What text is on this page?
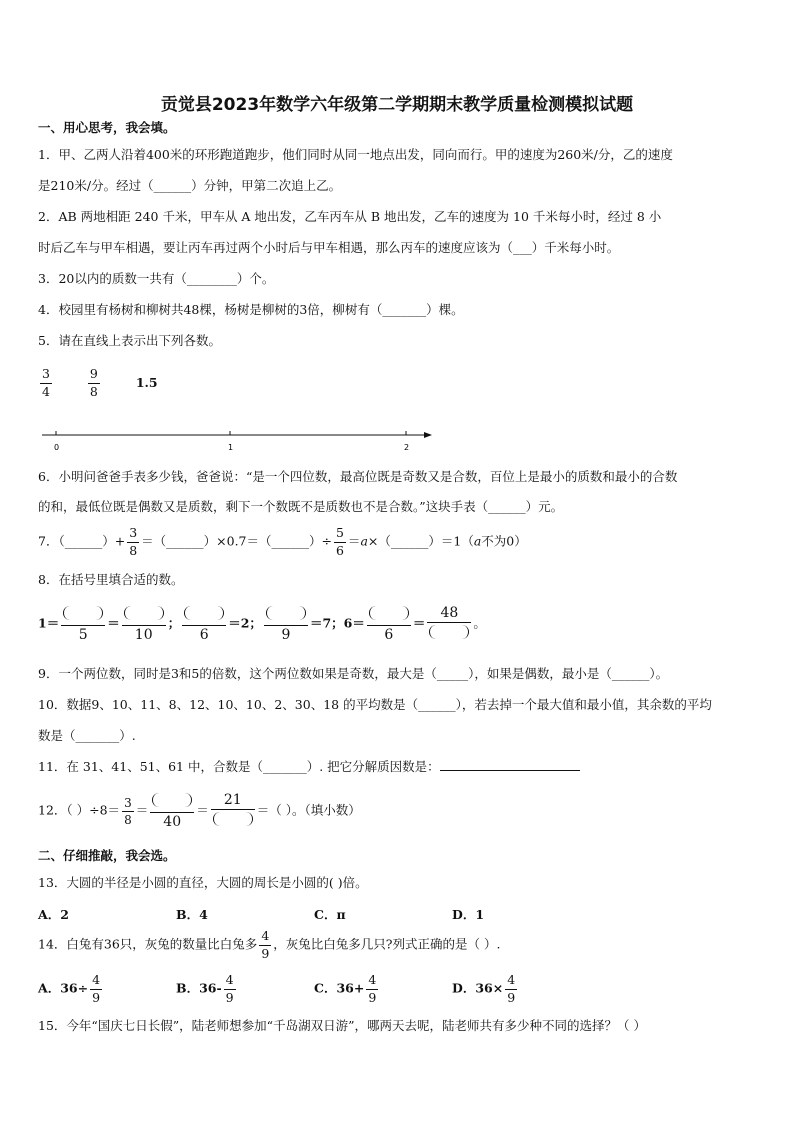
贡觉县2023年数学六年级第二学期期末教学质量检测模拟试题
一、用心思考，我会填。
1．甲、乙两人沿着400米的环形跑道跑步，他们同时从同一地点出发，同向而行。甲的速度为260米/分，乙的速度
是210米/分。经过（______）分钟，甲第二次追上乙。
2．AB 两地相距 240 千米，甲车从 A 地出发，乙车丙车从 B 地出发，乙车的速度为 10 千米每小时，经过 8 小
时后乙车与甲车相遇，要让丙车再过两个小时后与甲车相遇，那么丙车的速度应该为（___）千米每小时。
3．20以内的质数一共有（________）个。
4．校园里有杨树和柳树共48棵，杨树是柳树的3倍，柳树有（_______）棵。
5．请在直线上表示出下列各数。
$\frac{3}{4}$
	$\frac{9}{8}$	1.5
0	1	2
6．小明问爸爸手表多少钱，爸爸说：“是一个四位数，最高位既是奇数又是合数，百位上是最小的质数和最小的合数
的和，最低位既是偶数又是质数，剩下一个数既不是质数也不是合数。”这块手表（______）元。
7．（______）+ $\frac{3}{8}$ ＝（______）×0.7＝（______）÷ $\frac{5}{6}$ ＝a×（______）＝1（a不为0）
8．在括号里填合适的数。
1＝
5
＝
10
；
6
＝2；
9
＝7；6＝
6
＝
48
。
9．一个两位数，同时是3和5的倍数，这个两位数如果是奇数，最大是（_____），如果是偶数，最小是（______）。
10．数据9、10、11、8、12、10、10、2、30、18 的平均数是（______），若去掉一个最大值和最小值，其余数的平均
数是（_______）.
11．在 31、41、51、61 中，合数是（_______）. 把它分解质因数是：
12．（ ）$\div 8= \frac{3}{8}$ ＝
40
＝
21
＝（ ）。（填小数）
二、仔细推敲，我会选。
13．大圆的半径是小圆的直径，大圆的周长是小圆的( )倍。
A．2	B．4	C．π	D．1
14．白兔有36只，灰兔的数量比白兔多 $\frac{4}{9}$ ，灰兔比白兔多几只?列式正确的是（ ）.
A．$36\div \frac{4}{9}$	B．$36- \frac{4}{9}$	C．$36+ \frac{4}{9}$	D．$36\times \frac{4}{9}$
15．今年“国庆七日长假”，陆老师想参加“千岛湖双日游”，哪两天去呢，陆老师共有多少种不同的选择？（ ）
